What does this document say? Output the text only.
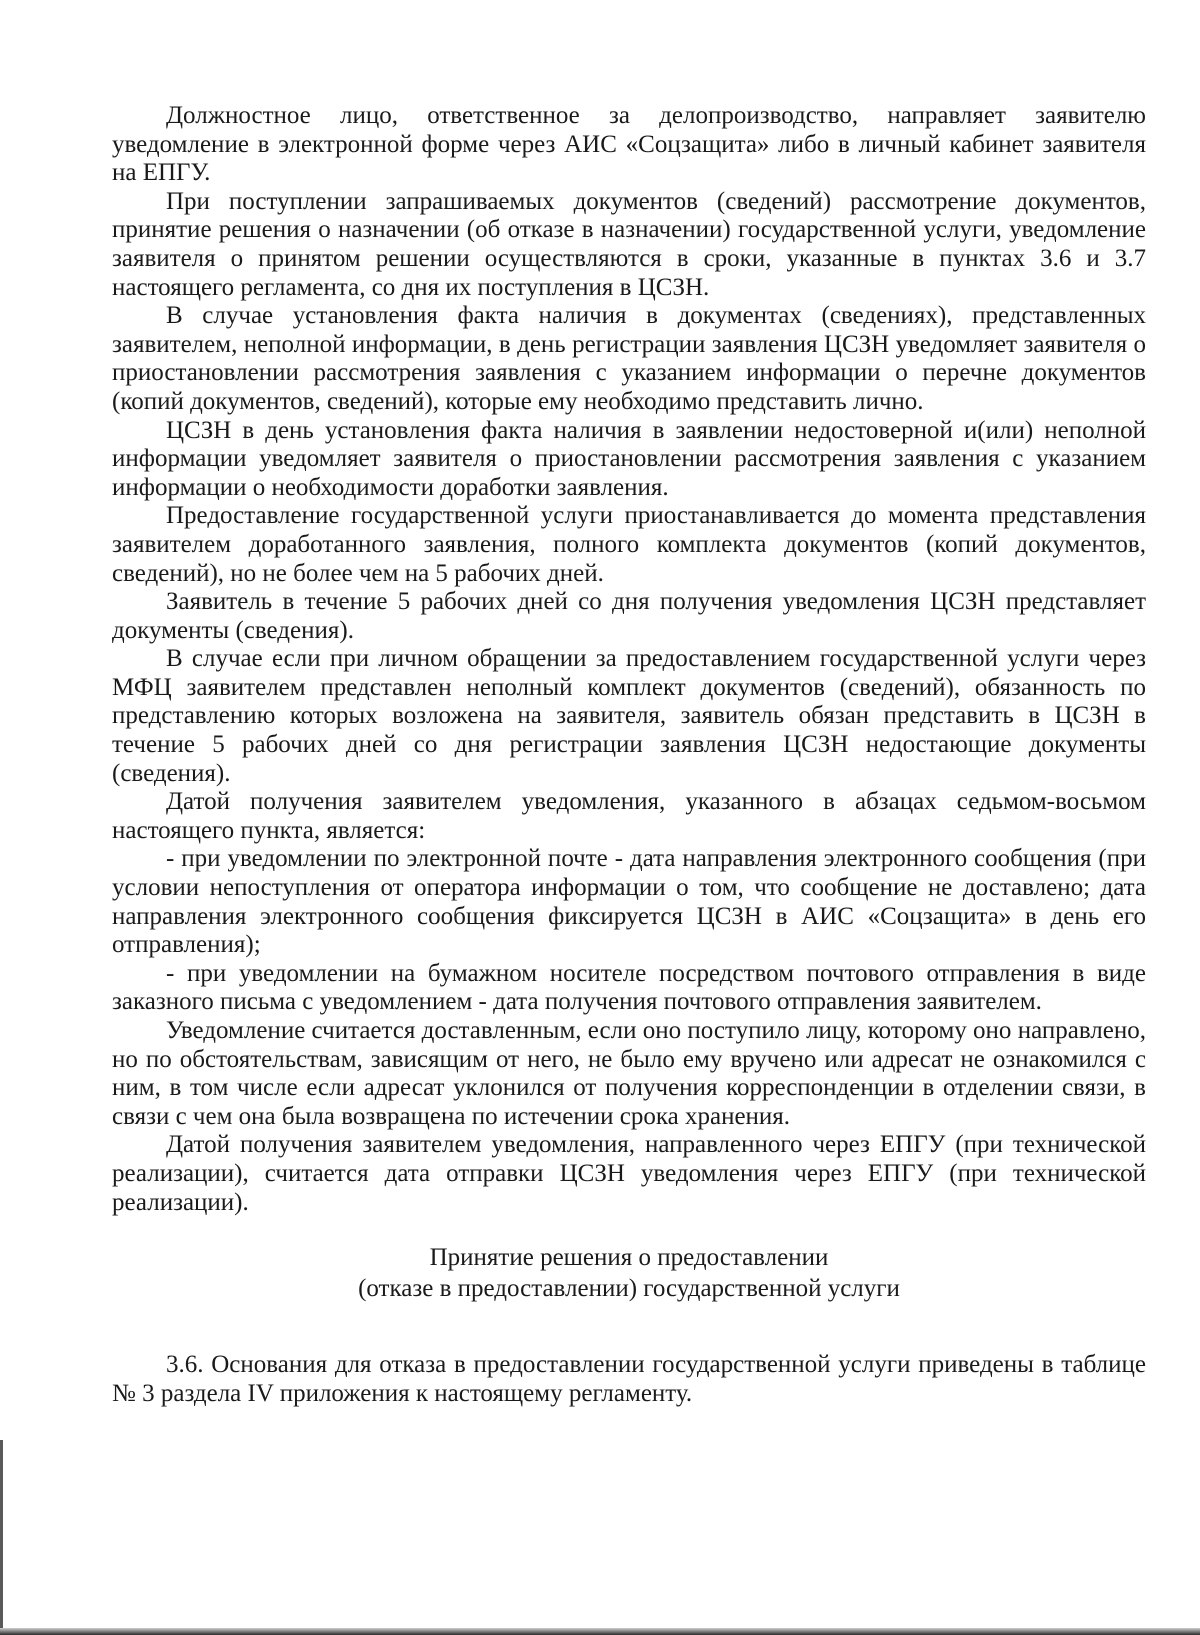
Должностное лицо, ответственное за делопроизводство, направляет заявителю уведомление в электронной форме через АИС «Соцзащита» либо в личный кабинет заявителя на ЕПГУ.

При поступлении запрашиваемых документов (сведений) рассмотрение документов, принятие решения о назначении (об отказе в назначении) государственной услуги, уведомление заявителя о принятом решении осуществляются в сроки, указанные в пунктах 3.6 и 3.7 настоящего регламента, со дня их поступления в ЦСЗН.

В случае установления факта наличия в документах (сведениях), представленных заявителем, неполной информации, в день регистрации заявления ЦСЗН уведомляет заявителя о приостановлении рассмотрения заявления с указанием информации о перечне документов (копий документов, сведений), которые ему необходимо представить лично.

ЦСЗН в день установления факта наличия в заявлении недостоверной и(или) неполной информации уведомляет заявителя о приостановлении рассмотрения заявления с указанием информации о необходимости доработки заявления.

Предоставление государственной услуги приостанавливается до момента представления заявителем доработанного заявления, полного комплекта документов (копий документов, сведений), но не более чем на 5 рабочих дней.

Заявитель в течение 5 рабочих дней со дня получения уведомления ЦСЗН представляет документы (сведения).

В случае если при личном обращении за предоставлением государственной услуги через МФЦ заявителем представлен неполный комплект документов (сведений), обязанность по представлению которых возложена на заявителя, заявитель обязан представить в ЦСЗН в течение 5 рабочих дней со дня регистрации заявления ЦСЗН недостающие документы (сведения).

Датой получения заявителем уведомления, указанного в абзацах седьмом-восьмом настоящего пункта, является:

- при уведомлении по электронной почте - дата направления электронного сообщения (при условии непоступления от оператора информации о том, что сообщение не доставлено; дата направления электронного сообщения фиксируется ЦСЗН в АИС «Соцзащита» в день его отправления);

- при уведомлении на бумажном носителе посредством почтового отправления в виде заказного письма с уведомлением - дата получения почтового отправления заявителем.

Уведомление считается доставленным, если оно поступило лицу, которому оно направлено, но по обстоятельствам, зависящим от него, не было ему вручено или адресат не ознакомился с ним, в том числе если адресат уклонился от получения корреспонденции в отделении связи, в связи с чем она была возвращена по истечении срока хранения.

Датой получения заявителем уведомления, направленного через ЕПГУ (при технической реализации), считается дата отправки ЦСЗН уведомления через ЕПГУ (при технической реализации).

Принятие решения о предоставлении
(отказе в предоставлении) государственной услуги

3.6. Основания для отказа в предоставлении государственной услуги приведены в таблице № 3 раздела IV приложения к настоящему регламенту.
